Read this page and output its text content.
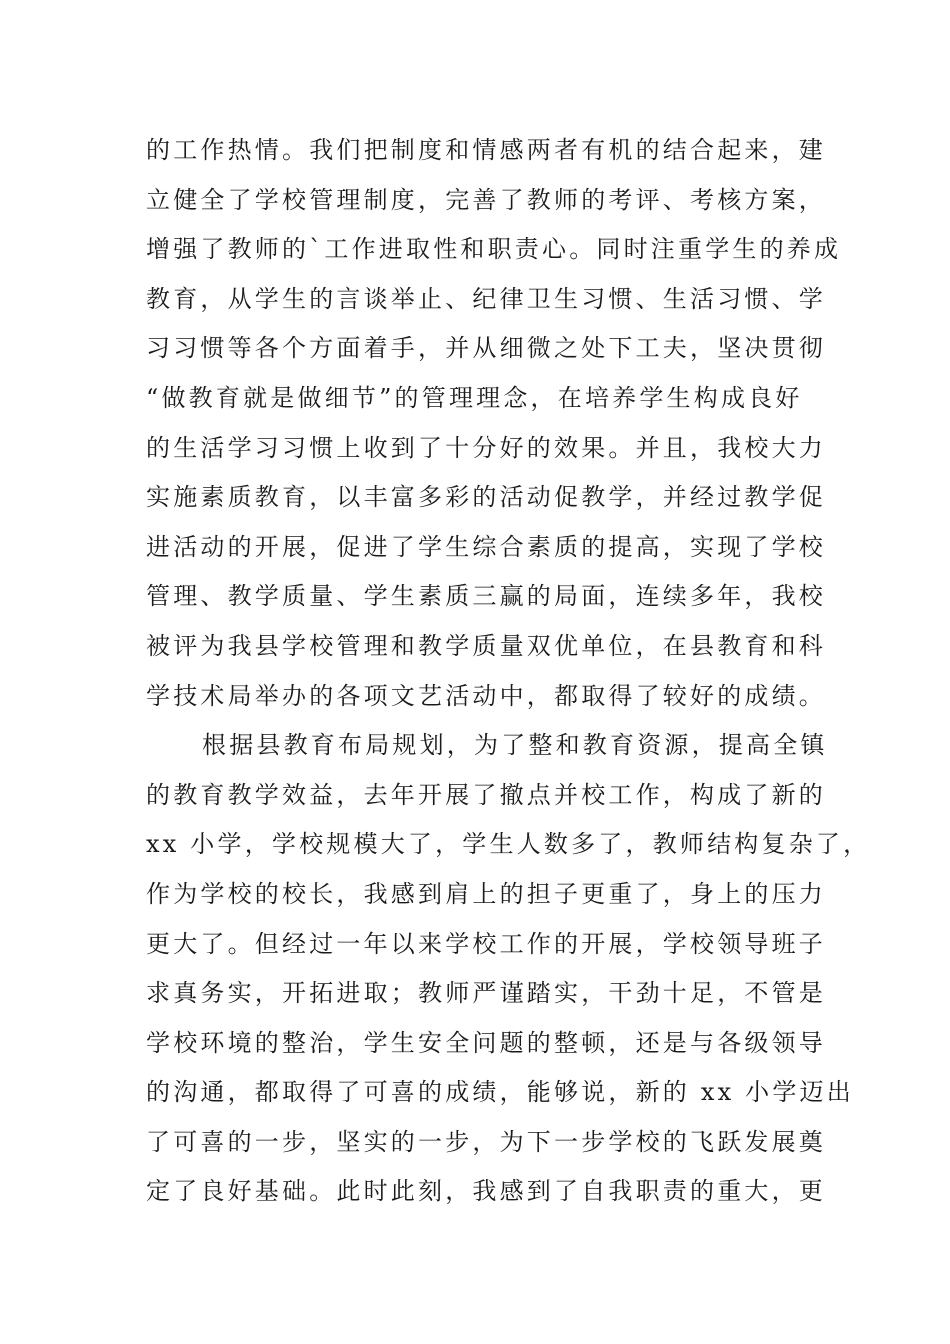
的工作热情。我们把制度和情感两者有机的结合起来，建
立健全了学校管理制度，完善了教师的考评、考核方案，
增强了教师的`工作进取性和职责心。同时注重学生的养成
教育，从学生的言谈举止、纪律卫生习惯、生活习惯、学
习习惯等各个方面着手，并从细微之处下工夫，坚决贯彻
“做教育就是做细节”的管理理念，在培养学生构成良好
的生活学习习惯上收到了十分好的效果。并且，我校大力
实施素质教育，以丰富多彩的活动促教学，并经过教学促
进活动的开展，促进了学生综合素质的提高，实现了学校
管理、教学质量、学生素质三赢的局面，连续多年，我校
被评为我县学校管理和教学质量双优单位，在县教育和科
学技术局举办的各项文艺活动中，都取得了较好的成绩。
根据县教育布局规划，为了整和教育资源，提高全镇
的教育教学效益，去年开展了撤点并校工作，构成了新的
xx 小学，学校规模大了，学生人数多了，教师结构复杂了，
作为学校的校长，我感到肩上的担子更重了，身上的压力
更大了。但经过一年以来学校工作的开展，学校领导班子
求真务实，开拓进取；教师严谨踏实，干劲十足，不管是
学校环境的整治，学生安全问题的整顿，还是与各级领导
的沟通，都取得了可喜的成绩，能够说，新的 xx 小学迈出
了可喜的一步，坚实的一步，为下一步学校的飞跃发展奠
定了良好基础。此时此刻，我感到了自我职责的重大，更
